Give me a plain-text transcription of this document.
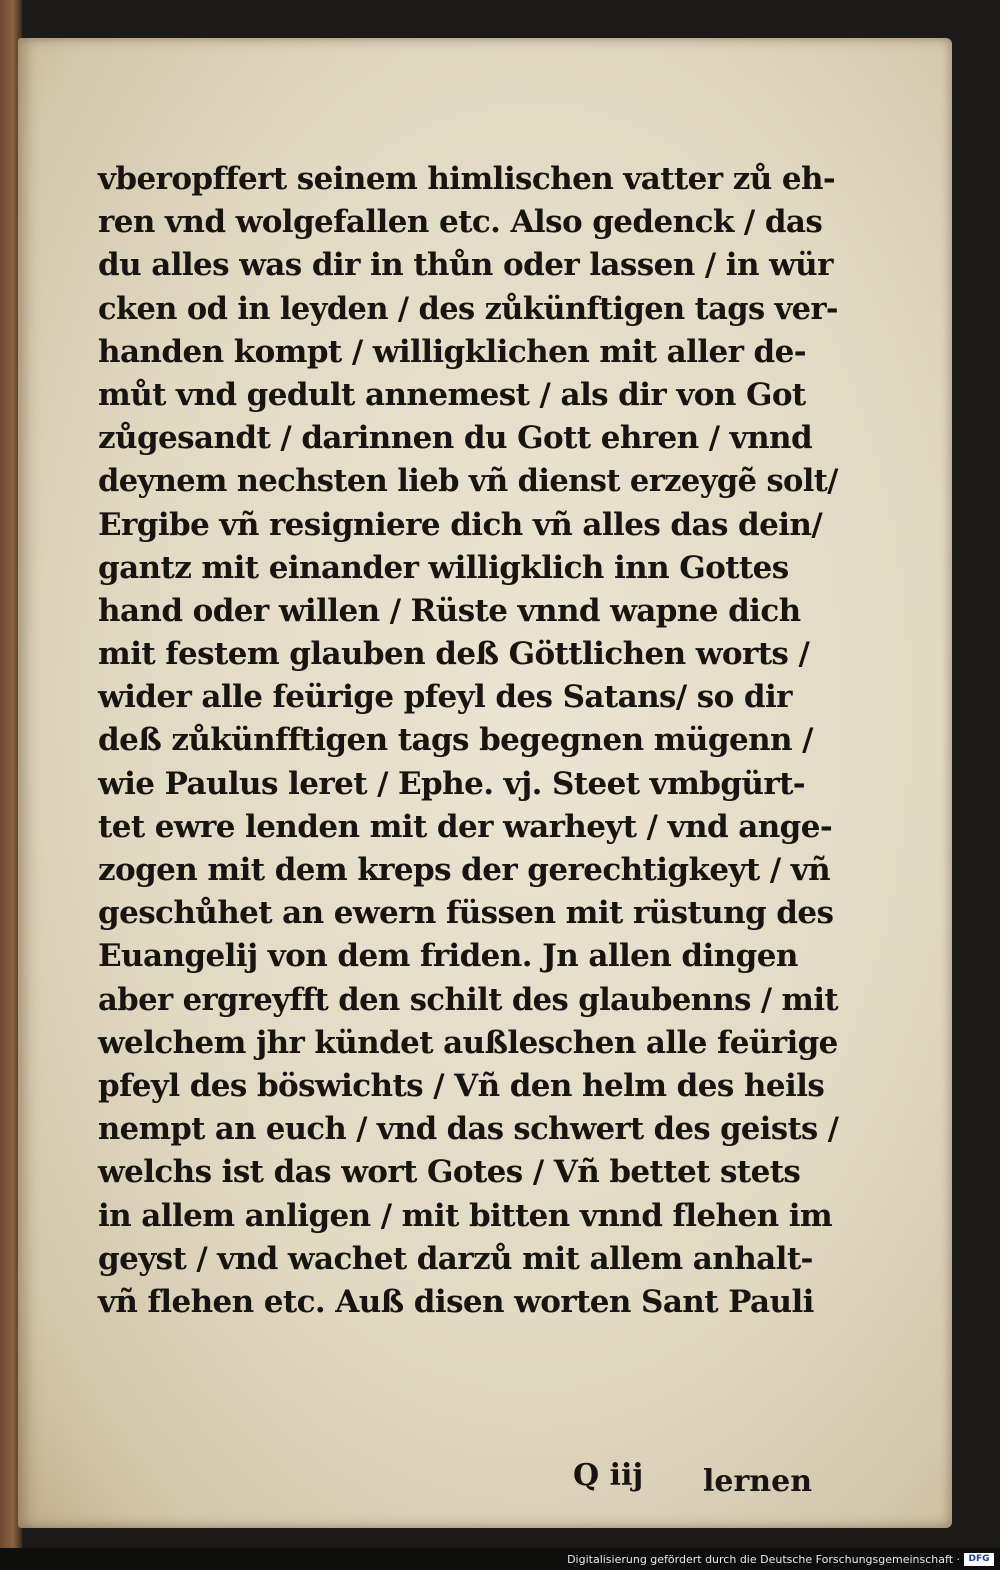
vberopffert seinem himlischen vatter zů eh-
ren vnd wolgefallen etc. Also gedenck / das
du alles was dir in thůn oder lassen / in wür
cken od in leyden / des zůkünftigen tags ver-
handen kompt / willigklichen mit aller de-
můt vnd gedult annemest / als dir von Got
zůgesandt / darinnen du Gott ehren / vnnd
deynem nechsten lieb vñ dienst erzeygẽ solt/
Ergibe vñ resigniere dich vñ alles das dein/
gantz mit einander willigklich inn Gottes
hand oder willen / Rüste vnnd wapne dich
mit festem glauben deß Göttlichen worts /
wider alle feürige pfeyl des Satans/ so dir
deß zůkünfftigen tags begegnen mügenn /
wie Paulus leret / Ephe. vj. Steet vmbgürt-
tet ewre lenden mit der warheyt / vnd ange-
zogen mit dem kreps der gerechtigkeyt / vñ
geschůhet an ewern füssen mit rüstung des
Euangelij von dem friden. Jn allen dingen
aber ergreyfft den schilt des glaubenns / mit
welchem jhr kündet außleschen alle feürige
pfeyl des böswichts / Vñ den helm des heils
nempt an euch / vnd das schwert des geists /
welchs ist das wort Gotes / Vñ bettet stets
in allem anligen / mit bitten vnnd flehen im
geyst / vnd wachet darzů mit allem anhalt-
vñ flehen etc. Auß disen worten Sant Pauli
Q iij lernen
Digitalisierung gefördert durch die Deutsche Forschungsgemeinschaft · DFG
